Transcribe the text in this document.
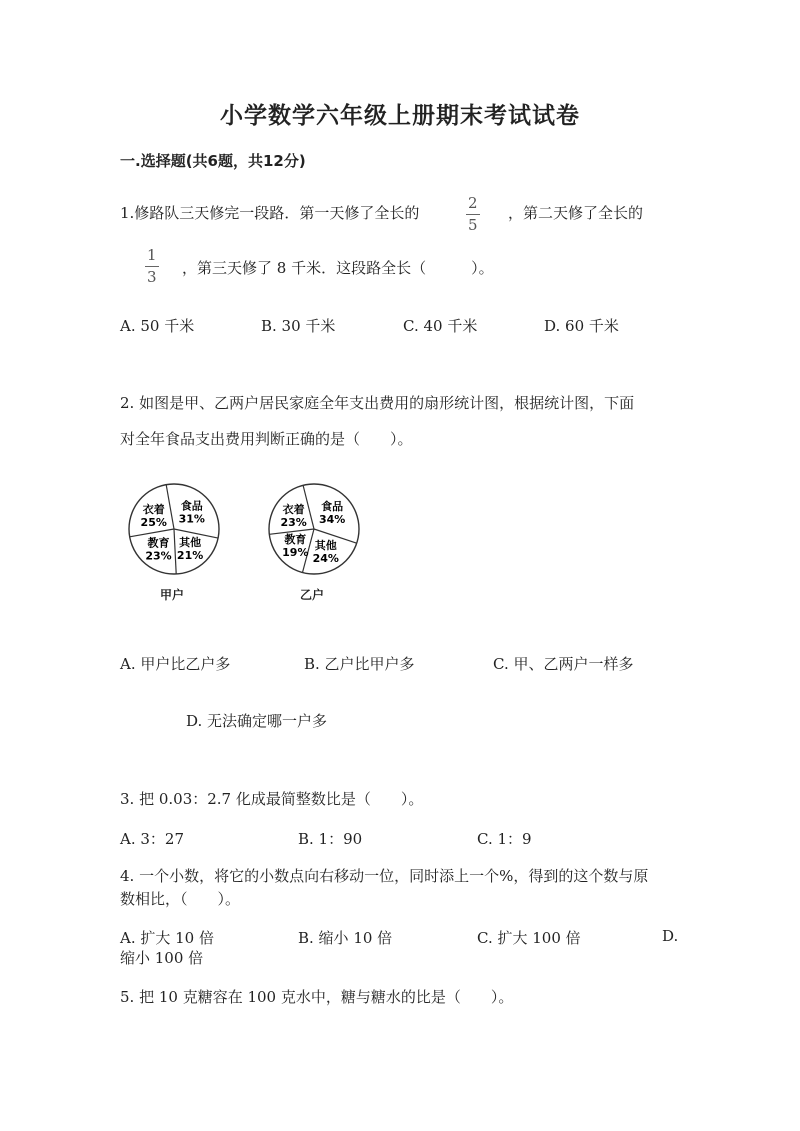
小学数学六年级上册期末考试试卷
一.选择题(共6题，共12分)
1.修路队三天修完一段路．第一天修了全长的
2
5
，第二天修了全长的
1
3 ，第三天修了 8 千米．这段路全长（　　　）。
A. 50 千米	B. 30 千米	C. 40 千米	D. 60 千米
2. 如图是甲、乙两户居民家庭全年支出费用的扇形统计图，根据统计图，下面
对全年食品支出费用判断正确的是（　　）。
食品
31%
其他
21%
教育
23%
衣着
25%
甲户
食品
34%
其他
24%
教育
19%
衣着
23%
乙户
A. 甲户比乙户多	B. 乙户比甲户多	C. 甲、乙两户一样多
D. 无法确定哪一户多
3. 把 0.03：2.7 化成最简整数比是（　　）。
A. 3：27	B. 1：90	C. 1：9
4. 一个小数，将它的小数点向右移动一位，同时添上一个%，得到的这个数与原
数相比，（　　）。
A. 扩大 10 倍	B. 缩小 10 倍	C. 扩大 100 倍	D.
缩小 100 倍
5. 把 10 克糖容在 100 克水中，糖与糖水的比是（　　）。
